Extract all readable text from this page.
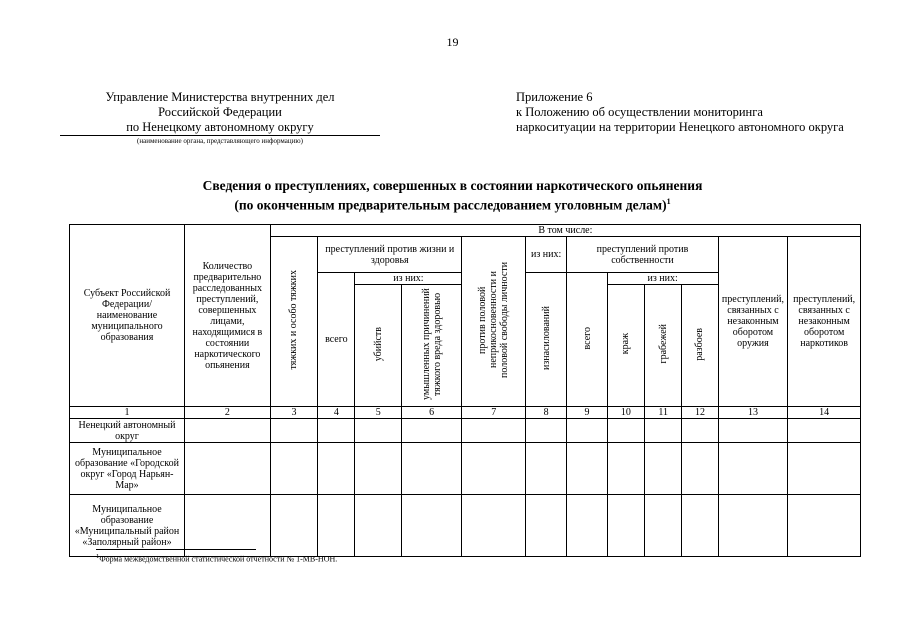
19
Управление Министерства внутренних дел
Российской Федерации
по Ненецкому автономному округу
(наименование органа, представляющего информацию)
Приложение 6
к Положению об осуществлении мониторинга
наркоситуации на территории Ненецкого автономного округа
Сведения о преступлениях, совершенных в состоянии наркотического опьянения
(по оконченным предварительным расследованием уголовным делам)$^1$
Субъект Российской Федерации/ наименование муниципального образования	Количество предварительно расследованных преступлений, совершенных лицами, находящимися в состоянии наркотического опьянения	В том числе:											
		тяжких и особо тяжких	преступлений против жизни и здоровья			против половой неприкосновенности и половой свободы личности	из них:	преступлений против собственности				преступлений, связанных с незаконным оборотом оружия	преступлений, связанных с незаконным оборотом наркотиков
			всего	из них:			изнасилований	всего	из них:				
				убийств	умышленных причинений тяжкого вреда здоровью				краж	грабежей	разбоев		
1	2	3	4	5	6	7	8	9	10	11	12	13	14
Ненецкий автономный округ													
Муниципальное образование «Городской округ «Город Нарьян-Мар»													
Муниципальное образование «Муниципальный район «Заполярный район»													
$^1$Форма межведомственной статистической отчетности № 1-МВ-НОН.
